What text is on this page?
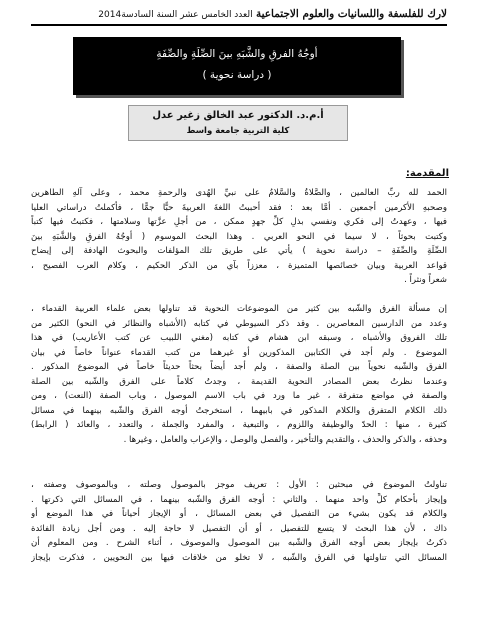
لارك للفلسفة واللسانيات والعلوم الاجتماعية العدد الخامس عشر السنة السادسة2014
أوجُهُ الفرقِ والشَّبَهِ بينَ الصِّلَةِ والصِّفَةِ
( دراسة نحوية )
أ.م.د. الدكتور عبد الخالق زغير عدل
كلية التربية جامعة واسط
المقدمة:
الحمد لله ربِّ العالمين ، والصَّلاةُ والسَّلامُ على نبيِّ الهُدى والرحمةِ محمد ، وعلى آلهِ الطاهرين
وصحبهِ الأكرمين أجمعين . أمَّا بعد : فقد أحببتُ اللغةَ العربيةَ حبًّا جمًّا ، فأكملتُ دراساتي العليا
فيها ، وعهدتُ إلى فكري ونفسي بذلِ كلِّ جهدٍ ممكن ، من أجلِ عزَّتها وسلامتها ، فكتبتُ فيها كتباً
وكتبت بحوثاً ، لا سيما في النحو العربي . وهذا البحث الموسوم ( أوجُهُ الفرقِ والشَّبَهِ بينَ
الصِّلَةِ والصِّفَةِ – دراسة نحوية ) يأتي على طريق تلك المؤلفات والبحوث الهادفة إلى إيضاح
قواعد العربية وبيان خصائصها المتميزة ، معززاً بآي من الذكر الحكيم ، وكلام العرب الفصيح ،
شعراً ونثراً .
إن مسألة الفرق والشّبه بين كثير من الموضوعات النحوية قد تناولها بعض علماء العربية القدماء ،
وعدد من الدارسين المعاصرين . وقد ذكر السيوطي في كتابه (الأشباه والنظائر في النحو) الكثير من
تلك الفروق والأشباه ، وسبقه ابن هشام في كتابه (مغني اللبيب عن كتب الأعاريب) في هذا
الموضوع . ولم أجد في الكتابين المذكورين أو غيرهما من كتب القدماء عنواناً خاصاً في بيان
الفرق والشّبه نحوياً بين الصلة والصفة ، ولم أجد أيضاً بحثاً حديثاً خاصاً في الموضوع المذكور .
وعندما نظرتُ بعض المصادر النحوية القديمة ، وجدتُ كلاماً على الفرق والشّبه بين الصلة
والصفة في مواضع متفرقة ، غير ما ورد في باب الاسم الموصول ، وباب الصفة (النعت) ، ومن
ذلك الكلام المتفرق والكلام المذكور في بابيهما ، استخرجتُ أوجه الفرق والشّبه بينهما في مسائل
كثيرة ، منها : الحدّ والوظيفة واللزوم ، والتبعية ، والمفرد والجملة ، والتعدد ، والعائد ( الرابط)
وحذفه ، والذكر والحذف ، والتقديم والتأخير ، والفصل والوصل ، والإعراب والعامل ، وغيرها .
تناولتُ الموضوع في مبحثين : الأول : تعريف موجز بالموصول وصلته ، وبالموصوف وصفته ،
وإيجاز بأحكام كلٍّ واحد منهما . والثاني : أوجه الفرق والشّبه بينهما ، في المسائل التي ذكرتها .
والكلام قد يكون بشيء من التفصيل في بعض المسائل ، أو الإيجاز أحياناً في هذا الموضع أو
ذاك ، لأن هذا البحث لا يتسع للتفصيل ، أو أن التفصيل لا حاجة إليه . ومن أجل زيادة الفائدة
ذكرتُ بإيجاز بعض أوجه الفرق والشّبه بين الموصول والموصوف ، أثناء الشرح . ومن المعلوم أن
المسائل التي تناولتها في الفرق والشّبه ، لا تخلو من خلافات فيها بين النحويين ، فذكرت بإيجاز
